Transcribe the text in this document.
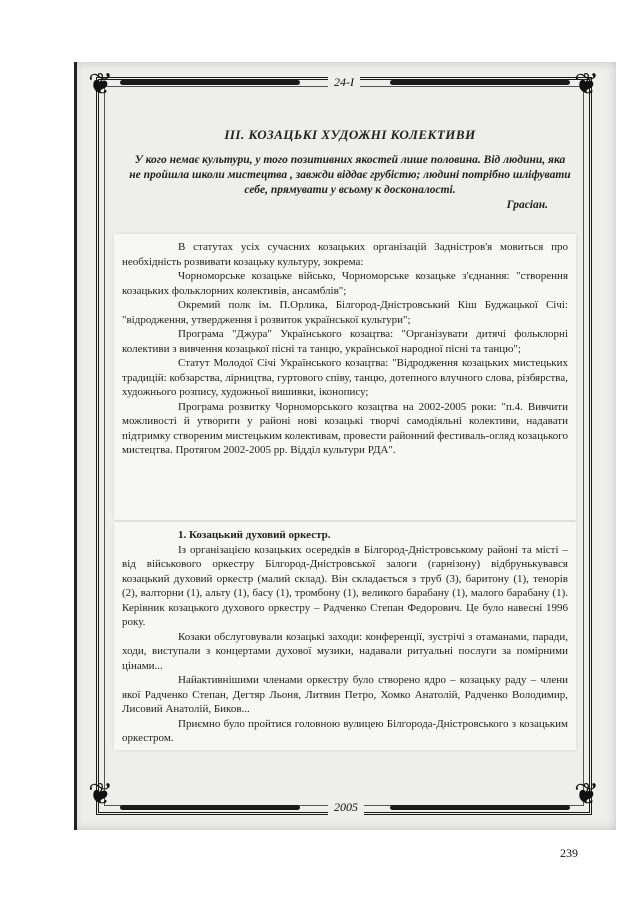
❦	❦
❦	❦
24-I
2005
III. КОЗАЦЬКІ ХУДОЖНІ КОЛЕКТИВИ
У кого немає культури, у того позитивних якостей лише половина. Від людини, яка не пройшла школи мистецтва , завжди віддає грубістю; людині потрібно шліфувати себе, прямувати у всьому к досконалості.
Грасіан.

В статутах усіх сучасних козацьких організацій Задністров'я мовиться про необхідність розвивати козацьку культуру, зокрема:

Чорноморське козацьке військо, Чорноморське козацьке з'єднання: "створення козацьких фольклорних колективів, ансамблів";

Окремий полк ім. П.Орлика, Білгород-Дністровський Кіш Буджацької Січі: "відродження, утвердження і розвиток української культури";

Програма "Джура" Українського козацтва: "Організувати дитячі фольклорні колективи з вивчення козацької пісні та танцю, української народної пісні та танцю";

Статут Молодої Січі Українського козацтва: "Відродження козацьких мистецьких традицій: кобзарства, лірництва, гуртового співу, танцю, дотепного влучного слова, різбярства, художнього розпису, художньої вишивки, іконопису;

Програма розвитку Чорноморського козацтва на 2002-2005 роки: "п.4. Вивчити можливості й утворити у районі нові козацькі творчі самодіяльні колективи, надавати підтримку створеним мистецьким колективам, провести районний фестиваль-огляд козацького мистецтва. Протягом 2002-2005 рр. Відділ культури РДА".

1. Козацький духовий оркестр.

Із організацією козацьких осередків в Білгород-Дністровському районі та місті – від військового оркестру Білгород-Дністровської залоги (гарнізону) відбрунькувався козацький духовий оркестр (малий склад). Він складається з труб (3), баритону (1), тенорів (2), валторни (1), альту (1), басу (1), тромбону (1), великого барабану (1), малого барабану (1). Керівник козацького духового оркестру – Радченко Степан Федорович. Це було навесні 1996 року.

Козаки обслуговували козацькі заходи: конференції, зустрічі з отаманами, паради, ходи, виступали з концертами духової музики, надавали ритуальні послуги за помірними цінами...

Найактивнішими членами оркестру було створено ядро – козацьку раду – члени якої Радченко Степан, Дегтяр Льоня, Литвин Петро, Хомко Анатолій, Радченко Володимир, Лисовий Анатолій, Биков...

Приємно було пройтися головною вулицею Білгорода-Дністровського з козацьким оркестром.

239
